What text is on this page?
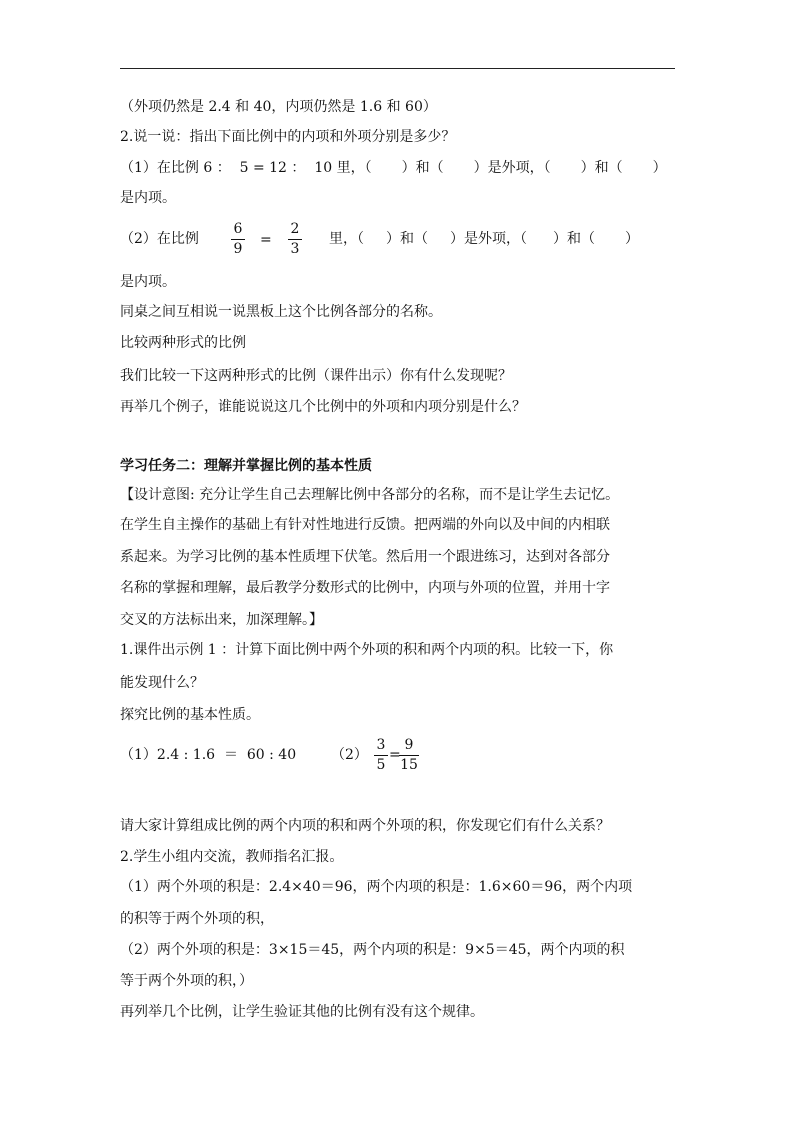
（外项仍然是 2.4 和 40，内项仍然是 1.6 和 60）
2.说一说：指出下面比例中的内项和外项分别是多少？
（1）在比例 6 ：  5 = 12 ：  10 里，（ ）和（ ）是外项，（ ）和（ ）
是内项。
（2）在比例
6
9
=
2
3
里，（ ）和（ ）是外项，（ ）和（ ）
是内项。
同桌之间互相说一说黑板上这个比例各部分的名称。
比较两种形式的比例
我们比较一下这两种形式的比例（课件出示）你有什么发现呢？
再举几个例子，谁能说说这几个比例中的外项和内项分别是什么？
学习任务二：理解并掌握比例的基本性质
【设计意图: 充分让学生自己去理解比例中各部分的名称，而不是让学生去记忆。
在学生自主操作的基础上有针对性地进行反馈。把两端的外向以及中间的内相联
系起来。为学习比例的基本性质埋下伏笔。然后用一个跟进练习，达到对各部分
名称的掌握和理解，最后教学分数形式的比例中，内项与外项的位置，并用十字
交叉的方法标出来，加深理解。】
1.课件出示例 1 ：计算下面比例中两个外项的积和两个内项的积。比较一下，你
能发现什么？
探究比例的基本性质。
（1）2.4 : 1.6  ＝  60 : 40 （2）
3
5
=
9
15
请大家计算组成比例的两个内项的积和两个外项的积，你发现它们有什么关系？
2.学生小组内交流，教师指名汇报。
（1）两个外项的积是：2.4×40＝96，两个内项的积是：1.6×60＝96，两个内项
的积等于两个外项的积，
（2）两个外项的积是：3×15＝45，两个内项的积是：9×5＝45，两个内项的积
等于两个外项的积，）
再列举几个比例，让学生验证其他的比例有没有这个规律。
